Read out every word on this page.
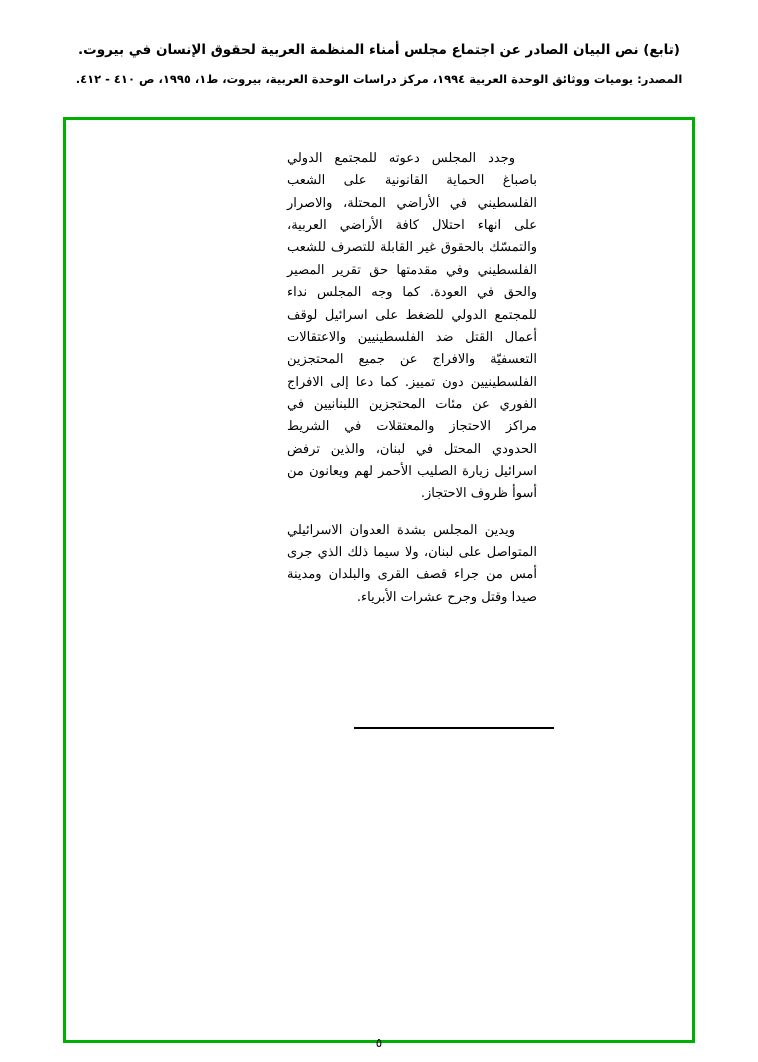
(تابع) نص البيان الصادر عن اجتماع مجلس أمناء المنظمة العربية لحقوق الإنسان في بيروت.
المصدر: يوميات ووثائق الوحدة العربية ١٩٩٤، مركز دراسات الوحدة العربية، بيروت، ط١، ١٩٩٥، ص ٤١٠ - ٤١٢.

وجدد المجلس دعوته للمجتمع الدولي باصباغ الحماية القانونية على الشعب الفلسطيني في الأراضي المحتلة، والاصرار على انهاء احتلال كافة الأراضي العربية، والتمسّك بالحقوق غير القابلة للتصرف للشعب الفلسطيني وفي مقدمتها حق تقرير المصير والحق في العودة. كما وجه المجلس نداء للمجتمع الدولي للضغط على اسرائيل لوقف أعمال القتل ضد الفلسطينيين والاعتقالات التعسفيّة والافراج عن جميع المحتجزين الفلسطينيين دون تمييز. كما دعا إلى الافراج الفوري عن مئات المحتجزين اللبنانيين في مراكز الاحتجاز والمعتقلات في الشريط الحدودي المحتل في لبنان، والذين ترفض اسرائيل زيارة الصليب الأحمر لهم ويعانون من أسوأ ظروف الاحتجاز.

ويدين المجلس بشدة العدوان الاسرائيلي المتواصل على لبنان، ولا سيما ذلك الذي جرى أمس من جراء قصف القرى والبلدان ومدينة صيدا وقتل وجرح عشرات الأبرياء.

٥
